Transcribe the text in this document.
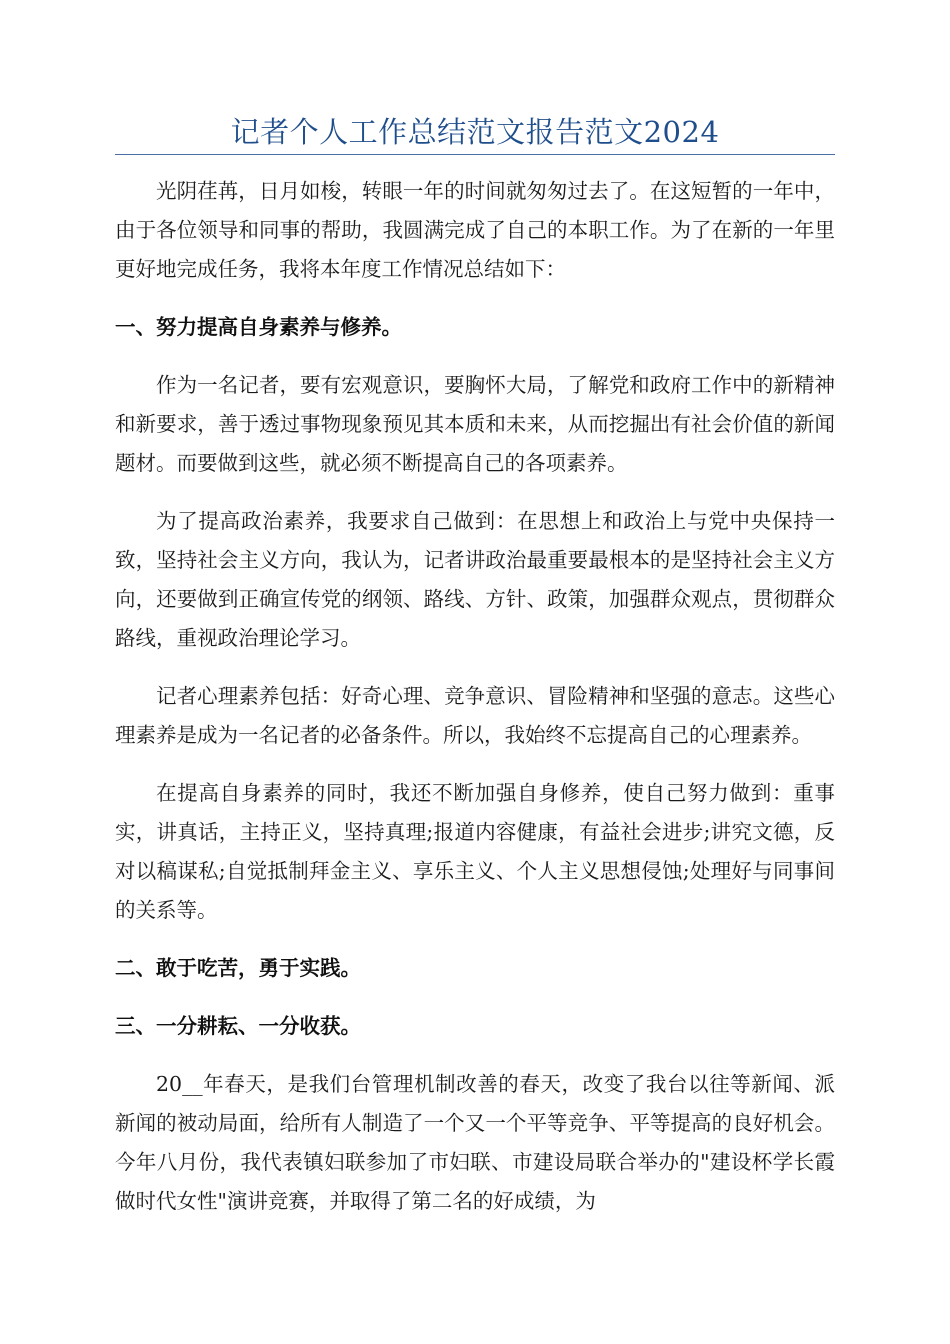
记者个人工作总结范文报告范文2024

光阴荏苒，日月如梭，转眼一年的时间就匆匆过去了。在这短暂的一年中，由于各位领导和同事的帮助，我圆满完成了自己的本职工作。为了在新的一年里更好地完成任务，我将本年度工作情况总结如下：

一、努力提高自身素养与修养。

作为一名记者，要有宏观意识，要胸怀大局，了解党和政府工作中的新精神和新要求，善于透过事物现象预见其本质和未来，从而挖掘出有社会价值的新闻题材。而要做到这些，就必须不断提高自己的各项素养。

为了提高政治素养，我要求自己做到：在思想上和政治上与党中央保持一致，坚持社会主义方向，我认为，记者讲政治最重要最根本的是坚持社会主义方向，还要做到正确宣传党的纲领、路线、方针、政策，加强群众观点，贯彻群众路线，重视政治理论学习。

记者心理素养包括：好奇心理、竞争意识、冒险精神和坚强的意志。这些心理素养是成为一名记者的必备条件。所以，我始终不忘提高自己的心理素养。

在提高自身素养的同时，我还不断加强自身修养，使自己努力做到：重事实，讲真话，主持正义，坚持真理;报道内容健康，有益社会进步;讲究文德，反对以稿谋私;自觉抵制拜金主义、享乐主义、个人主义思想侵蚀;处理好与同事间的关系等。

二、敢于吃苦，勇于实践。

三、一分耕耘、一分收获。

20__年春天，是我们台管理机制改善的春天，改变了我台以往等新闻、派新闻的被动局面，给所有人制造了一个又一个平等竞争、平等提高的良好机会。今年八月份，我代表镇妇联参加了市妇联、市建设局联合举办的"建设杯学长霞做时代女性"演讲竞赛，并取得了第二名的好成绩，为
